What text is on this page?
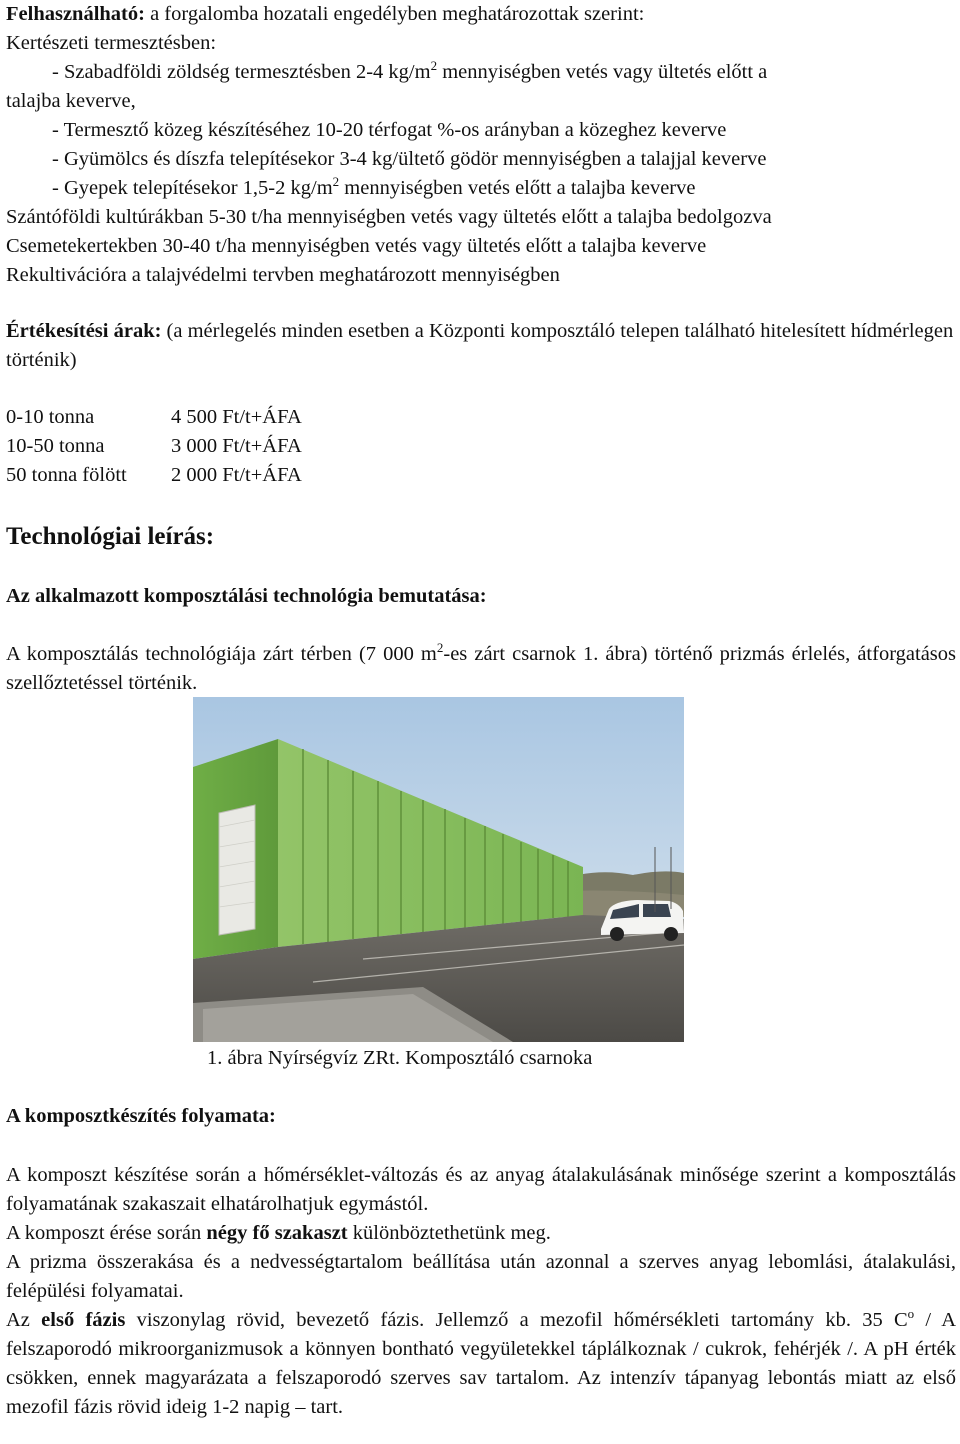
Felhasználható: a forgalomba hozatali engedélyben meghatározottak szerint:

Kertészeti termesztésben:

- Szabadföldi zöldség termesztésben 2-4 $kg/m^2$ mennyiségben vetés vagy ültetés előtt a

talajba keverve,

- Termesztő közeg készítéséhez 10-20 térfogat %-os arányban a közeghez keverve

- Gyümölcs és díszfa telepítésekor 3-4 kg/ültető gödör mennyiségben a talajjal keverve

- Gyepek telepítésekor 1,5-2 $kg/m^2$ mennyiségben vetés előtt a talajba keverve

Szántóföldi kultúrákban 5-30 t/ha mennyiségben vetés vagy ültetés előtt a talajba bedolgozva

Csemetekertekben 30-40 t/ha mennyiségben vetés vagy ültetés előtt a talajba keverve

Rekultivációra a talajvédelmi tervben meghatározott mennyiségben

Értékesítési árak: (a mérlegelés minden esetben a Központi komposztáló telepen található hitelesített hídmérlegen történik)

0-10 tonna	4 500 Ft/t+ÁFA
10-50 tonna	3 000 Ft/t+ÁFA
50 tonna fölött	2 000 Ft/t+ÁFA
Technológiai leírás:

Az alkalmazott komposztálási technológia bemutatása:

A komposztálás technológiája zárt térben (7 000 $m^2-es$ zárt csarnok 1. ábra) történő prizmás érlelés, átforgatásos szellőztetéssel történik.

1. ábra Nyírségvíz ZRt. Komposztáló csarnoka

A komposztkészítés folyamata:

A komposzt készítése során a hőmérséklet-változás és az anyag átalakulásának minősége szerint a komposztálás folyamatának szakaszait elhatárolhatjuk egymástól.

A komposzt érése során négy fő szakaszt különböztethetünk meg.

A prizma összerakása és a nedvességtartalom beállítása után azonnal a szerves anyag lebomlási, átalakulási, felépülési folyamatai.

Az első fázis viszonylag rövid, bevezető fázis. Jellemző a mezofil hőmérsékleti tartomány kb. 35 $C^o$ / A felszaporodó mikroorganizmusok a könnyen bontható vegyületekkel táplálkoznak / cukrok, fehérjék /. A pH érték csökken, ennek magyarázata a felszaporodó szerves sav tartalom. Az intenzív tápanyag lebontás miatt az első mezofil fázis rövid ideig 1-2 napig – tart.
